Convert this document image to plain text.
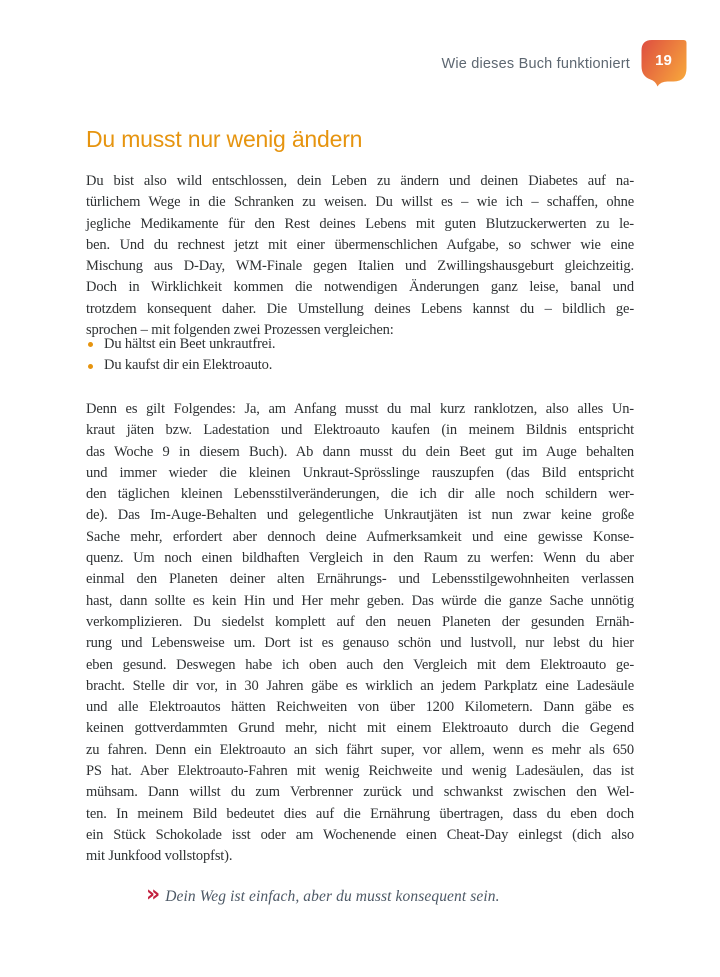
Wie dieses Buch funktioniert	19
Du musst nur wenig ändern
Du bist also wild entschlossen, dein Leben zu ändern und deinen Diabetes auf na-
türlichem Wege in die Schranken zu weisen. Du willst es – wie ich – schaffen, ohne
jegliche Medikamente für den Rest deines Lebens mit guten Blutzuckerwerten zu le-
ben. Und du rechnest jetzt mit einer übermenschlichen Aufgabe, so schwer wie eine
Mischung aus D-Day, WM-Finale gegen Italien und Zwillingshausgeburt gleichzeitig.
Doch in Wirklichkeit kommen die notwendigen Änderungen ganz leise, banal und
trotzdem konsequent daher. Die Umstellung deines Lebens kannst du – bildlich ge-
sprochen – mit folgenden zwei Prozessen vergleichen:
Du hältst ein Beet unkrautfrei.
Du kaufst dir ein Elektroauto.
Denn es gilt Folgendes: Ja, am Anfang musst du mal kurz ranklotzen, also alles Un-
kraut jäten bzw. Ladestation und Elektroauto kaufen (in meinem Bildnis entspricht
das Woche 9 in diesem Buch). Ab dann musst du dein Beet gut im Auge behalten
und immer wieder die kleinen Unkraut-Sprösslinge rauszupfen (das Bild entspricht
den täglichen kleinen Lebensstilveränderungen, die ich dir alle noch schildern wer-
de). Das Im-Auge-Behalten und gelegentliche Unkrautjäten ist nun zwar keine große
Sache mehr, erfordert aber dennoch deine Aufmerksamkeit und eine gewisse Konse-
quenz. Um noch einen bildhaften Vergleich in den Raum zu werfen: Wenn du aber
einmal den Planeten deiner alten Ernährungs- und Lebensstilgewohnheiten verlassen
hast, dann sollte es kein Hin und Her mehr geben. Das würde die ganze Sache unnötig
verkomplizieren. Du siedelst komplett auf den neuen Planeten der gesunden Ernäh-
rung und Lebensweise um. Dort ist es genauso schön und lustvoll, nur lebst du hier
eben gesund. Deswegen habe ich oben auch den Vergleich mit dem Elektroauto ge-
bracht. Stelle dir vor, in 30 Jahren gäbe es wirklich an jedem Parkplatz eine Ladesäule
und alle Elektroautos hätten Reichweiten von über 1200 Kilometern. Dann gäbe es
keinen gottverdammten Grund mehr, nicht mit einem Elektroauto durch die Gegend
zu fahren. Denn ein Elektroauto an sich fährt super, vor allem, wenn es mehr als 650
PS hat. Aber Elektroauto-Fahren mit wenig Reichweite und wenig Ladesäulen, das ist
mühsam. Dann willst du zum Verbrenner zurück und schwankst zwischen den Wel-
ten. In meinem Bild bedeutet dies auf die Ernährung übertragen, dass du eben doch
ein Stück Schokolade isst oder am Wochenende einen Cheat-Day einlegst (dich also
mit Junkfood vollstopfst).
» Dein Weg ist einfach, aber du musst konsequent sein.
